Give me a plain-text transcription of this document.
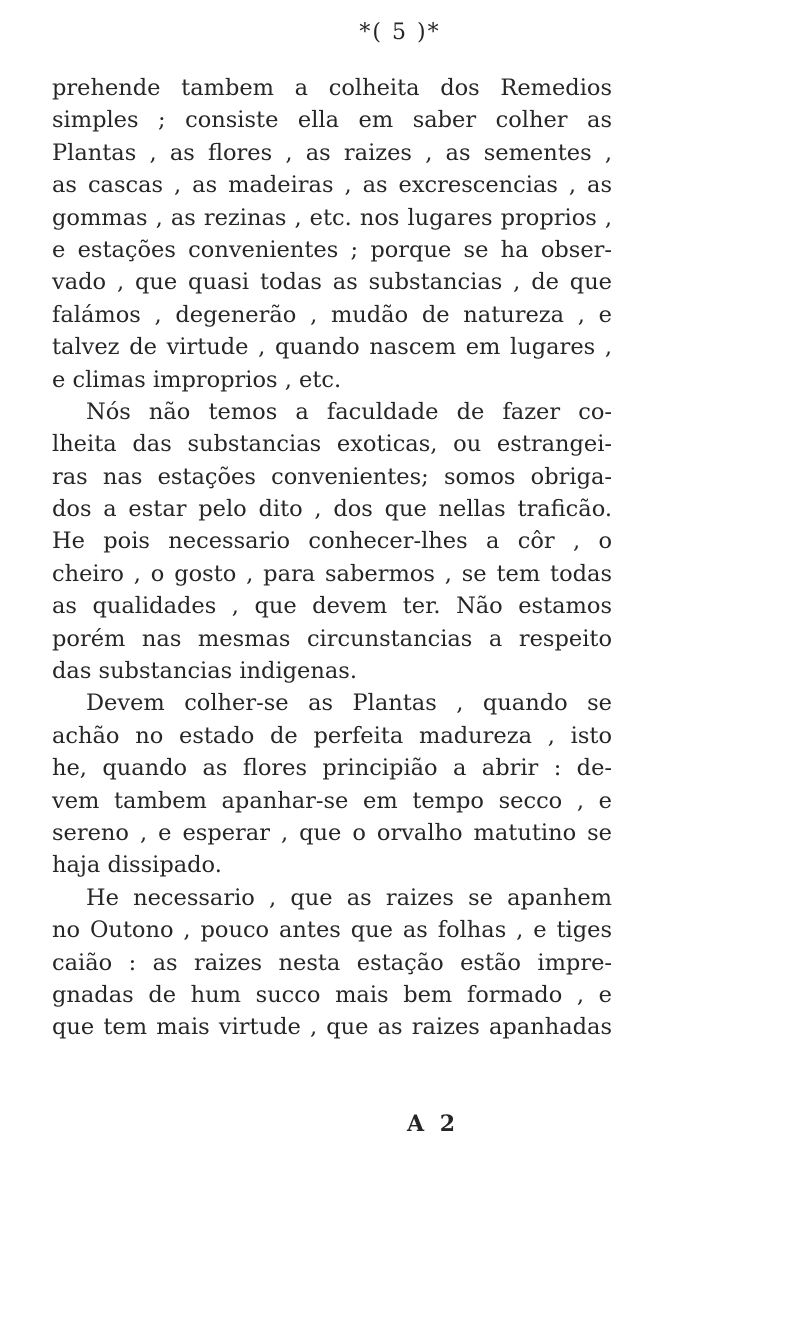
*( 5 )*
prehende tambem a colheita dos Remedios
simples ; consiste ella em saber colher as
Plantas , as flores , as raizes , as sementes ,
as cascas , as madeiras , as excrescencias , as
gommas , as rezinas , etc. nos lugares proprios ,
e estações convenientes ; porque se ha obser-
vado , que quasi todas as substancias , de que
falámos , degenerão , mudão de natureza , e
talvez de virtude , quando nascem em lugares ,
e climas improprios , etc.
Nós não temos a faculdade de fazer co-
lheita das substancias exoticas, ou estrangei-
ras nas estações convenientes; somos obriga-
dos a estar pelo dito , dos que nellas traficão.
He pois necessario conhecer-lhes a côr , o
cheiro , o gosto , para sabermos , se tem todas
as qualidades , que devem ter. Não estamos
porém nas mesmas circunstancias a respeito
das substancias indigenas.
Devem colher-se as Plantas , quando se
achão no estado de perfeita madureza , isto
he, quando as flores principião a abrir : de-
vem tambem apanhar-se em tempo secco , e
sereno , e esperar , que o orvalho matutino se
haja dissipado.
He necessario , que as raizes se apanhem
no Outono , pouco antes que as folhas , e tiges
caião : as raizes nesta estação estão impre-
gnadas de hum succo mais bem formado , e
que tem mais virtude , que as raizes apanhadas
A 2
